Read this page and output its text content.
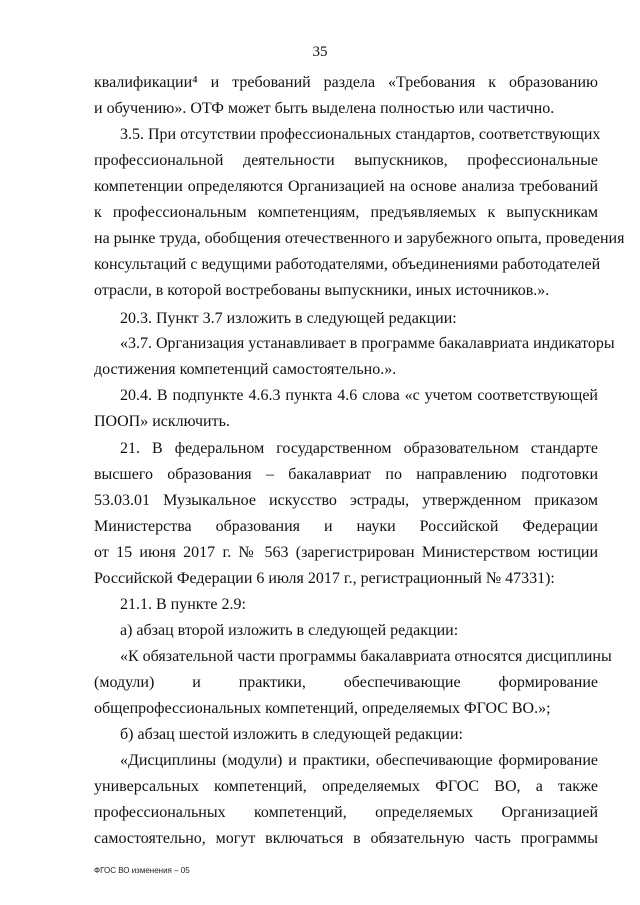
35
квалификации⁴ и требований раздела «Требования к образованию
и обучению». ОТФ может быть выделена полностью или частично.
3.5. При отсутствии профессиональных стандартов, соответствующих
профессиональной деятельности выпускников, профессиональные
компетенции определяются Организацией на основе анализа требований
к профессиональным компетенциям, предъявляемых к выпускникам
на рынке труда, обобщения отечественного и зарубежного опыта, проведения
консультаций с ведущими работодателями, объединениями работодателей
отрасли, в которой востребованы выпускники, иных источников.».
20.3. Пункт 3.7 изложить в следующей редакции:
«3.7. Организация устанавливает в программе бакалавриата индикаторы
достижения компетенций самостоятельно.».
20.4. В подпункте 4.6.3 пункта 4.6 слова «с учетом соответствующей
ПООП» исключить.
21. В федеральном государственном образовательном стандарте
высшего образования – бакалавриат по направлению подготовки
53.03.01 Музыкальное искусство эстрады, утвержденном приказом
Министерства образования и науки Российской Федерации
от 15 июня 2017 г. № 563 (зарегистрирован Министерством юстиции
Российской Федерации 6 июля 2017 г., регистрационный № 47331):
21.1. В пункте 2.9:
а) абзац второй изложить в следующей редакции:
«К обязательной части программы бакалавриата относятся дисциплины
(модули) и практики, обеспечивающие формирование
общепрофессиональных компетенций, определяемых ФГОС ВО.»;
б) абзац шестой изложить в следующей редакции:
«Дисциплины (модули) и практики, обеспечивающие формирование
универсальных компетенций, определяемых ФГОС ВО, а также
профессиональных компетенций, определяемых Организацией
самостоятельно, могут включаться в обязательную часть программы
ФГОС ВО изменения – 05
